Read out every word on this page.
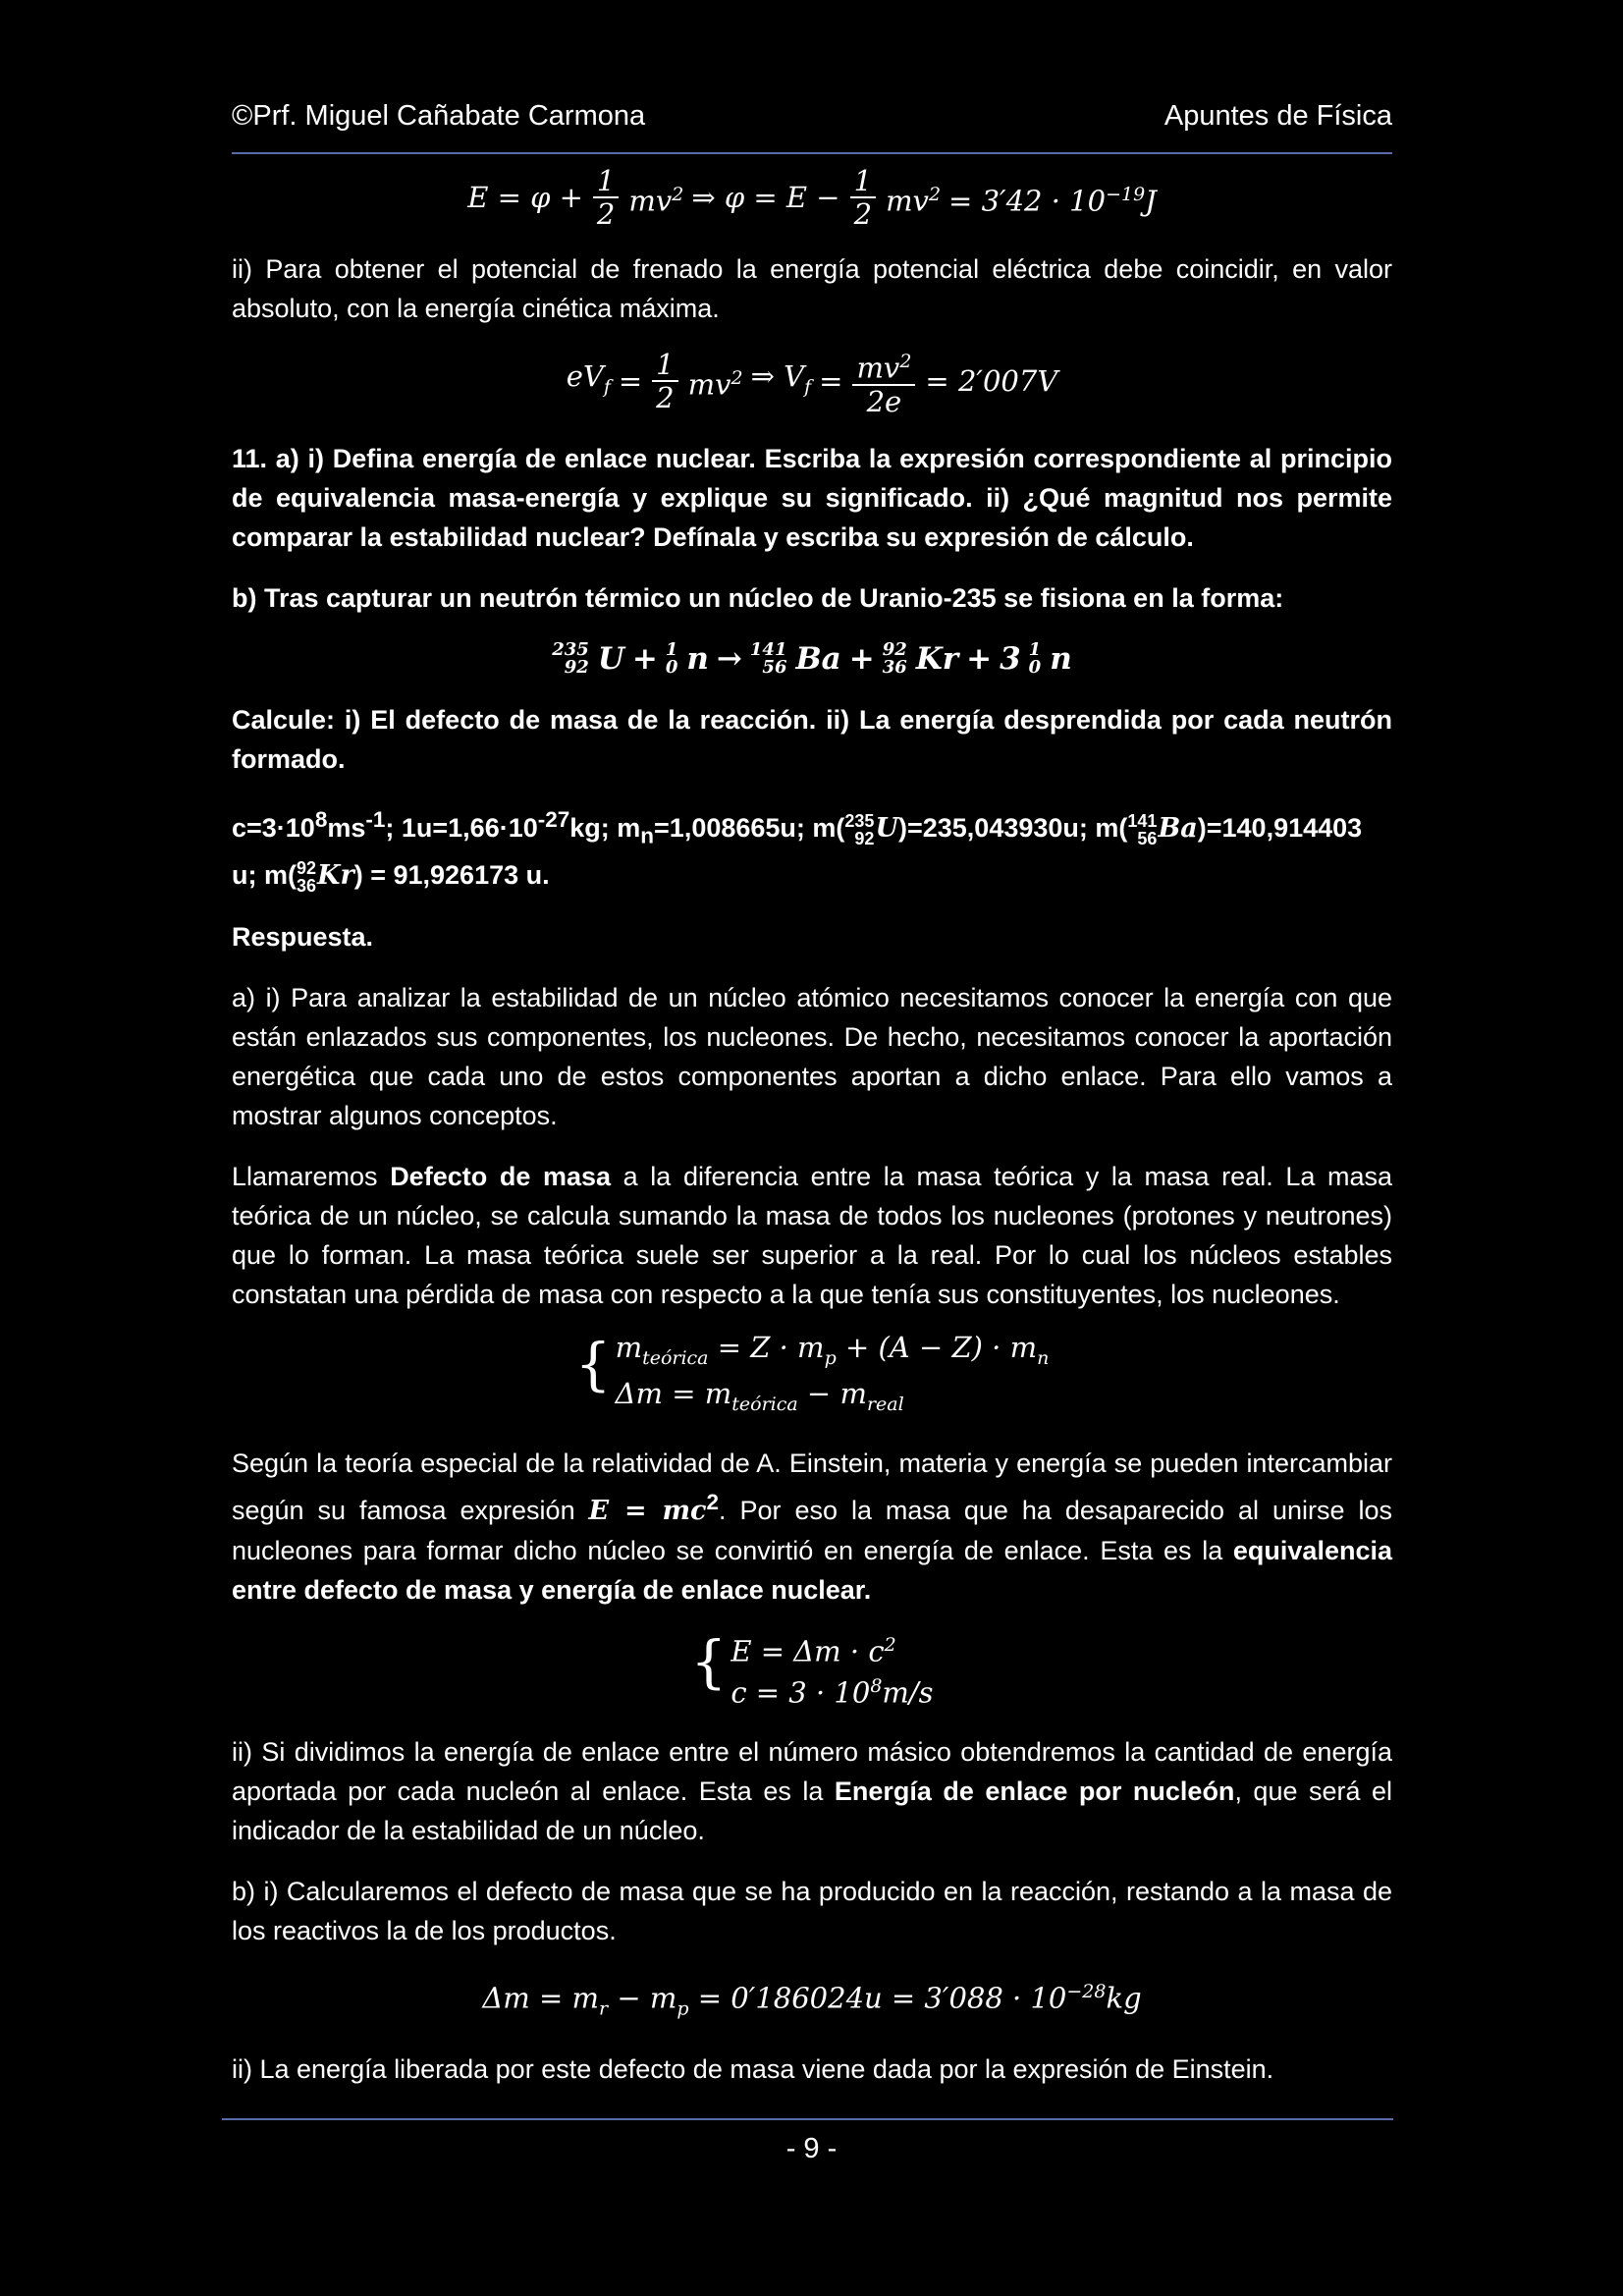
©Prf. Miguel Cañabate Carmona	Apuntes de Física
$E = \varphi + \frac{1}{2} mv^2$ ⇒ $\varphi = E - \frac{1}{2} mv^2 = 3'42 \cdot 10^{-19}J$

ii) Para obtener el potencial de frenado la energía potencial eléctrica debe coincidir, en valor absoluto, con la energía cinética máxima.

$eV_f = \frac{1}{2} mv^2$ ⇒ $V_f = \frac{mv^2}{2e} = 2'007V$

11. a) i) Defina energía de enlace nuclear. Escriba la expresión correspondiente al principio de equivalencia masa-energía y explique su significado. ii) ¿Qué magnitud nos permite comparar la estabilidad nuclear? Defínala y escriba su expresión de cálculo.

b) Tras capturar un neutrón térmico un núcleo de Uranio-235 se fisiona en la forma:

235
92 U + 1
0 n → 141
56 Ba + 92
36 Kr + 3 1
0 n

Calcule: i) El defecto de masa de la reacción. ii) La energía desprendida por cada neutrón formado.

$c=3\cdot 10^8ms^{-1}$; $1u=1,66\cdot 10^{-27}kg$; $m_n=1,008665u$; m( 235
92 U)=235,043930u; m( 141
56 Ba)=140,914403
u; m( 92
36 Kr) = 91,926173 u.

Respuesta.

a) i) Para analizar la estabilidad de un núcleo atómico necesitamos conocer la energía con que están enlazados sus componentes, los nucleones. De hecho, necesitamos conocer la aportación energética que cada uno de estos componentes aportan a dicho enlace. Para ello vamos a mostrar algunos conceptos.

Llamaremos Defecto de masa a la diferencia entre la masa teórica y la masa real. La masa teórica de un núcleo, se calcula sumando la masa de todos los nucleones (protones y neutrones) que lo forman. La masa teórica suele ser superior a la real. Por lo cual los núcleos estables constatan una pérdida de masa con respecto a la que tenía sus constituyentes, los nucleones.

{ $m_{teórica} = Z \cdot m_p + (A - Z) \cdot m_n$
$\Delta m = m_{teórica} - m_{real}$

Según la teoría especial de la relatividad de A. Einstein, materia y energía se pueden intercambiar según su famosa expresión $E = mc^2$. Por eso la masa que ha desaparecido al unirse los nucleones para formar dicho núcleo se convirtió en energía de enlace. Esta es la equivalencia entre defecto de masa y energía de enlace nuclear.

{ $E = \Delta m \cdot c^2$
$c = 3 \cdot 10^8m/s$

ii) Si dividimos la energía de enlace entre el número másico obtendremos la cantidad de energía aportada por cada nucleón al enlace. Esta es la Energía de enlace por nucleón, que será el indicador de la estabilidad de un núcleo.

b) i) Calcularemos el defecto de masa que se ha producido en la reacción, restando a la masa de los reactivos la de los productos.

$\Delta m = m_r - m_p = 0'186024u = 3'088 \cdot 10^{-28}kg$

ii) La energía liberada por este defecto de masa viene dada por la expresión de Einstein.

- 9 -
